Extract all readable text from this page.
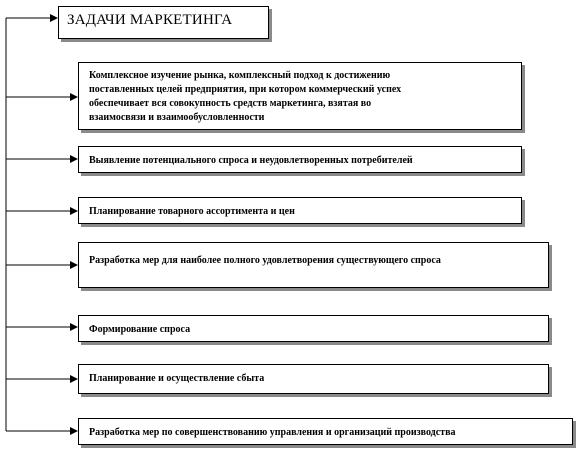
ЗАДАЧИ МАРКЕТИНГА
Комплексное изучение рынка, комплексный подход к достижению
поставленных целей предприятия, при котором коммерческий успех
обеспечивает вся совокупность средств маркетинга, взятая во
взаимосвязи и взаимообусловленности
Выявление потенциального спроса и неудовлетворенных потребителей
Планирование товарного ассортимента и цен
Разработка мер для наиболее полного удовлетворения существующего спроса
Формирование спроса
Планирование и осуществление сбыта
Разработка мер по совершенствованию управления и организаций производства
